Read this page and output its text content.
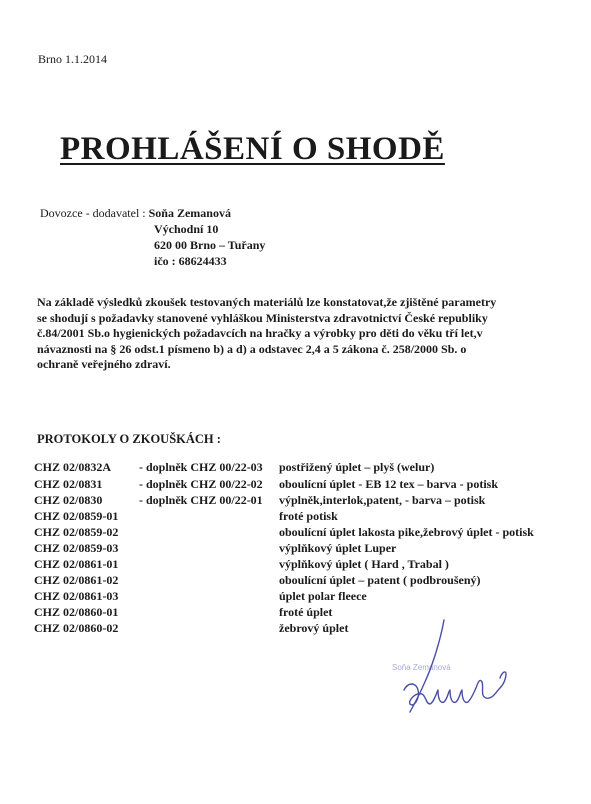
Brno 1.1.2014
PROHLÁŠENÍ O SHODĚ
Dovozce - dodavatel : Soňa Zemanová
Východní 10
620 00 Brno – Tuřany
ičo : 68624433
Na základě výsledků zkoušek testovaných materiálů lze konstatovat,že zjištěné parametry
se shodují s požadavky stanovené vyhláškou Ministerstva zdravotnictví České republiky
č.84/2001 Sb.o hygienických požadavcích na hračky a výrobky pro děti do věku tří let,v
návaznosti na § 26 odst.1 písmeno b) a d) a odstavec 2,4 a 5 zákona č. 258/2000 Sb. o
ochraně veřejného zdraví.
PROTOKOLY O ZKOUŠKÁCH :
CHZ 02/0832A - doplněk CHZ 00/22-03 postřižený úplet – plyš (welur)
CHZ 02/0831	- doplněk CHZ 00/22-02 oboulícní úplet - EB 12 tex – barva - potisk
CHZ 02/0830	- doplněk CHZ 00/22-01 výplněk,interlok,patent, - barva – potisk
CHZ 02/0859-01	froté potisk
CHZ 02/0859-02	oboulícní úplet lakosta pike,žebrový úplet - potisk
CHZ 02/0859-03	výplňkový úplet Luper
CHZ 02/0861-01	výplňkový úplet ( Hard , Trabal )
CHZ 02/0861-02	oboulícní úplet – patent ( podbroušený)
CHZ 02/0861-03	úplet polar fleece
CHZ 02/0860-01	froté úplet
CHZ 02/0860-02	žebrový úplet
Soňa Zemanová
